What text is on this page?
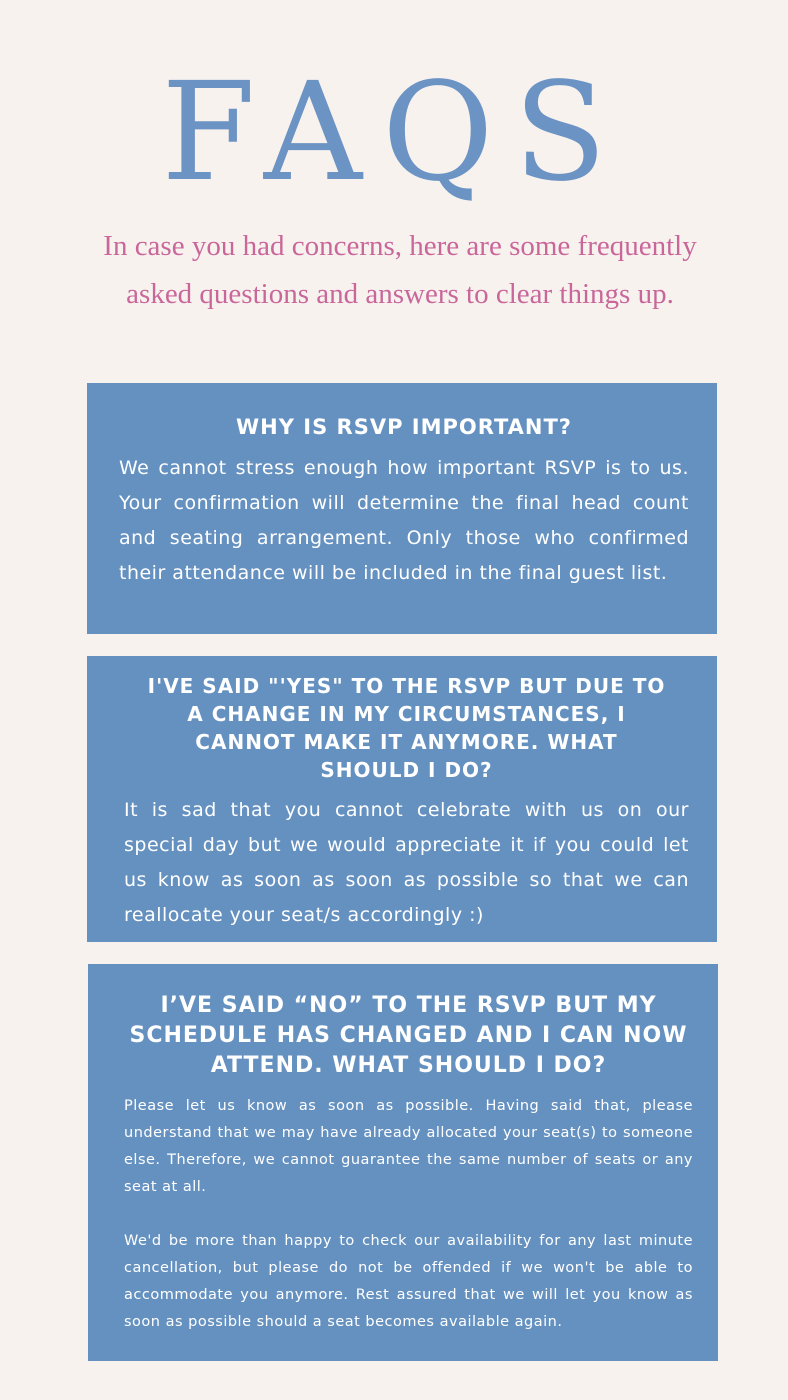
FAQS

In case you had concerns, here are some frequently asked questions and answers to clear things up.

WHY IS RSVP IMPORTANT?

We cannot stress enough how important RSVP is to us. Your confirmation will determine the final head count and seating arrangement. Only those who confirmed their attendance will be included in the final guest list.

I'VE SAID "'YES" TO THE RSVP BUT DUE TO A CHANGE IN MY CIRCUMSTANCES, I CANNOT MAKE IT ANYMORE. WHAT SHOULD I DO?

It is sad that you cannot celebrate with us on our special day but we would appreciate it if you could let us know as soon as soon as possible so that we can reallocate your seat/s accordingly :)

I’VE SAID “NO” TO THE RSVP BUT MY SCHEDULE HAS CHANGED AND I CAN NOW ATTEND. WHAT SHOULD I DO?

Please let us know as soon as possible. Having said that, please understand that we may have already allocated your seat(s) to someone else. Therefore, we cannot guarantee the same number of seats or any seat at all.

We'd be more than happy to check our availability for any last minute cancellation, but please do not be offended if we won't be able to accommodate you anymore. Rest assured that we will let you know as soon as possible should a seat becomes available again.
